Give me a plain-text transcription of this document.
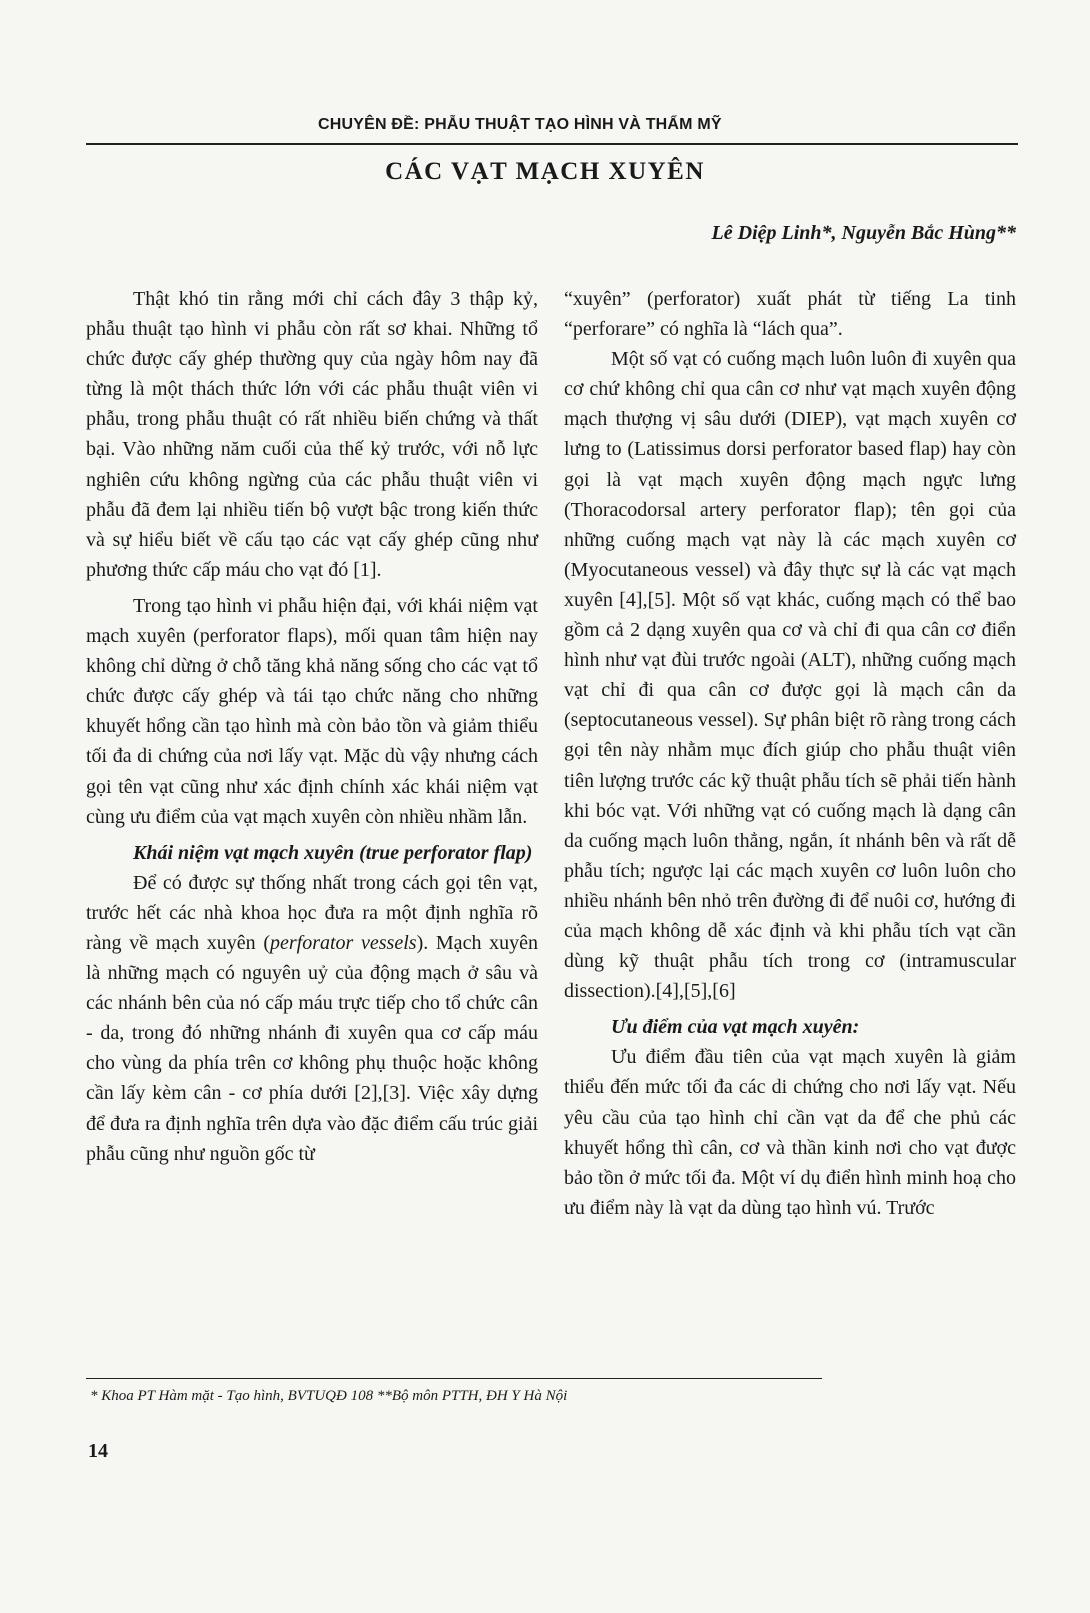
CHUYÊN ĐỀ: PHẪU THUẬT TẠO HÌNH VÀ THẨM MỸ
CÁC VẠT MẠCH XUYÊN
Lê Diệp Linh*, Nguyễn Bắc Hùng**

Thật khó tin rằng mới chỉ cách đây 3 thập kỷ, phẫu thuật tạo hình vi phẫu còn rất sơ khai. Những tổ chức được cấy ghép thường quy của ngày hôm nay đã từng là một thách thức lớn với các phẫu thuật viên vi phẫu, trong phẫu thuật có rất nhiều biến chứng và thất bại. Vào những năm cuối của thế kỷ trước, với nỗ lực nghiên cứu không ngừng của các phẫu thuật viên vi phẫu đã đem lại nhiều tiến bộ vượt bậc trong kiến thức và sự hiểu biết về cấu tạo các vạt cấy ghép cũng như phương thức cấp máu cho vạt đó [1].

Trong tạo hình vi phẫu hiện đại, với khái niệm vạt mạch xuyên (perforator flaps), mối quan tâm hiện nay không chỉ dừng ở chỗ tăng khả năng sống cho các vạt tổ chức được cấy ghép và tái tạo chức năng cho những khuyết hổng cần tạo hình mà còn bảo tồn và giảm thiểu tối đa di chứng của nơi lấy vạt. Mặc dù vậy nhưng cách gọi tên vạt cũng như xác định chính xác khái niệm vạt cùng ưu điểm của vạt mạch xuyên còn nhiều nhầm lẫn.

Khái niệm vạt mạch xuyên (true perforator flap)

Để có được sự thống nhất trong cách gọi tên vạt, trước hết các nhà khoa học đưa ra một định nghĩa rõ ràng về mạch xuyên (perforator vessels). Mạch xuyên là những mạch có nguyên uỷ của động mạch ở sâu và các nhánh bên của nó cấp máu trực tiếp cho tổ chức cân - da, trong đó những nhánh đi xuyên qua cơ cấp máu cho vùng da phía trên cơ không phụ thuộc hoặc không cần lấy kèm cân - cơ phía dưới [2],[3]. Việc xây dựng để đưa ra định nghĩa trên dựa vào đặc điểm cấu trúc giải phẫu cũng như nguồn gốc từ

“xuyên” (perforator) xuất phát từ tiếng La tinh “perforare” có nghĩa là “lách qua”.

Một số vạt có cuống mạch luôn luôn đi xuyên qua cơ chứ không chỉ qua cân cơ như vạt mạch xuyên động mạch thượng vị sâu dưới (DIEP), vạt mạch xuyên cơ lưng to (Latissimus dorsi perforator based flap) hay còn gọi là vạt mạch xuyên động mạch ngực lưng (Thoracodorsal artery perforator flap); tên gọi của những cuống mạch vạt này là các mạch xuyên cơ (Myocutaneous vessel) và đây thực sự là các vạt mạch xuyên [4],[5]. Một số vạt khác, cuống mạch có thể bao gồm cả 2 dạng xuyên qua cơ và chỉ đi qua cân cơ điển hình như vạt đùi trước ngoài (ALT), những cuống mạch vạt chỉ đi qua cân cơ được gọi là mạch cân da (septocutaneous vessel). Sự phân biệt rõ ràng trong cách gọi tên này nhằm mục đích giúp cho phẫu thuật viên tiên lượng trước các kỹ thuật phẫu tích sẽ phải tiến hành khi bóc vạt. Với những vạt có cuống mạch là dạng cân da cuống mạch luôn thẳng, ngắn, ít nhánh bên và rất dễ phẫu tích; ngược lại các mạch xuyên cơ luôn luôn cho nhiều nhánh bên nhỏ trên đường đi để nuôi cơ, hướng đi của mạch không dễ xác định và khi phẫu tích vạt cần dùng kỹ thuật phẫu tích trong cơ (intramuscular dissection).[4],[5],[6]

Ưu điểm của vạt mạch xuyên:

Ưu điểm đầu tiên của vạt mạch xuyên là giảm thiểu đến mức tối đa các di chứng cho nơi lấy vạt. Nếu yêu cầu của tạo hình chỉ cần vạt da để che phủ các khuyết hổng thì cân, cơ và thần kinh nơi cho vạt được bảo tồn ở mức tối đa. Một ví dụ điển hình minh hoạ cho ưu điểm này là vạt da dùng tạo hình vú. Trước

* Khoa PT Hàm mặt - Tạo hình, BVTUQĐ 108 **Bộ môn PTTH, ĐH Y Hà Nội
14
